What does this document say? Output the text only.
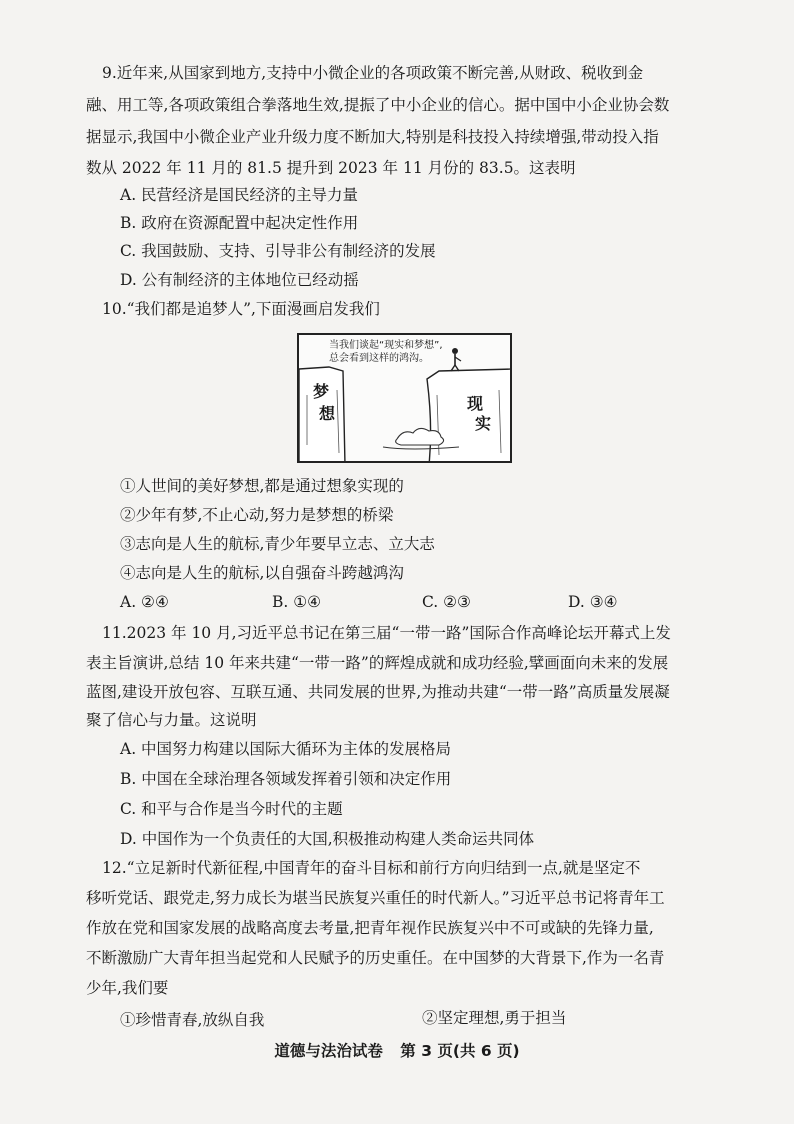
9.近年来,从国家到地方,支持中小微企业的各项政策不断完善,从财政、税收到金
融、用工等,各项政策组合拳落地生效,提振了中小企业的信心。据中国中小企业协会数
据显示,我国中小微企业产业升级力度不断加大,特别是科技投入持续增强,带动投入指
数从 2022 年 11 月的 81.5 提升到 2023 年 11 月份的 83.5。这表明
A. 民营经济是国民经济的主导力量
B. 政府在资源配置中起决定性作用
C. 我国鼓励、支持、引导非公有制经济的发展
D. 公有制经济的主体地位已经动摇
10.“我们都是追梦人”,下面漫画启发我们
当我们谈起“现实和梦想”,
总会看到这样的鸿沟。
梦
想
现
实
①人世间的美好梦想,都是通过想象实现的
②少年有梦,不止心动,努力是梦想的桥梁
③志向是人生的航标,青少年要早立志、立大志
④志向是人生的航标,以自强奋斗跨越鸿沟
A. ②④	B. ①④	C. ②③	D. ③④
11.2023 年 10 月,习近平总书记在第三届“一带一路”国际合作高峰论坛开幕式上发
表主旨演讲,总结 10 年来共建“一带一路”的辉煌成就和成功经验,擘画面向未来的发展
蓝图,建设开放包容、互联互通、共同发展的世界,为推动共建“一带一路”高质量发展凝
聚了信心与力量。这说明
A. 中国努力构建以国际大循环为主体的发展格局
B. 中国在全球治理各领域发挥着引领和决定作用
C. 和平与合作是当今时代的主题
D. 中国作为一个负责任的大国,积极推动构建人类命运共同体
12.“立足新时代新征程,中国青年的奋斗目标和前行方向归结到一点,就是坚定不
移听党话、跟党走,努力成长为堪当民族复兴重任的时代新人。”习近平总书记将青年工
作放在党和国家发展的战略高度去考量,把青年视作民族复兴中不可或缺的先锋力量,
不断激励广大青年担当起党和人民赋予的历史重任。在中国梦的大背景下,作为一名青
少年,我们要
①珍惜青春,放纵自我	②坚定理想,勇于担当
道德与法治试卷 第 3 页(共 6 页)
